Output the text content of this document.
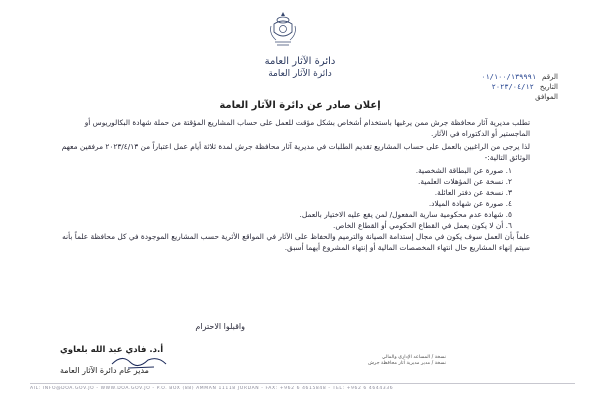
دائرة الآثار العامة
دائرة الآثار العامة	الرقم
٠١/١٠٠/١٣٩٩٩١
التاريخ
٢٠٢٣/٠٤/١٢
الموافق
إعلان صادر عن دائرة الآثار العامة

تطلب مديرية آثار محافظة جرش ممن يرغبها باستخدام أشخاص بشكل مؤقت للعمل على حساب المشاريع المؤقتة من حملة شهادة البكالوريوس أو الماجستير أو الدكتوراه في الآثار.

لذا يرجى من الراغبين بالعمل على حساب المشاريع تقديم الطلبات في مديرية آثار محافظة جرش لمدة ثلاثة أيام عمل اعتباراً من ٢٠٢٣/٤/١٣ مرفقين معهم الوثائق التالية:-

١. صورة عن البطاقة الشخصية.
٢. نسخة عن المؤهلات العلمية.
٣. نسخة عن دفتر العائلة.
٤. صورة عن شهادة الميلاد.
٥. شهادة عدم محكومية سارية المفعول/ لمن يقع عليه الاختيار بالعمل.
٦. أن لا يكون يعمل في القطاع الحكومي أو القطاع الخاص.

علماً بأن العمل سوف يكون في مجال إستدامة الصيانة والترميم والحفاظ على الآثار في المواقع الأثرية حسب المشاريع الموجودة في كل محافظة علماً بأنه سيتم إنهاء المشاريع حال انتهاء المخصصات المالية أو إنتهاء المشروع أيهما أسبق.

واقبلوا الاحترام
أ.د. فادي عبد الله بلعاوي
مدير عام دائرة الآثار العامة
نسخة / المساعد الإداري والمالي
نسخة / مدير مديرية آثار محافظة جرش
AIL: INFO@DOA.GOV.JO - WWW.DOA.GOV.JO - P.O. BOX (88) AMMAN 11118 JORDAN - FAX: +962 6 4615848 - TEL: +962 6 4644336
